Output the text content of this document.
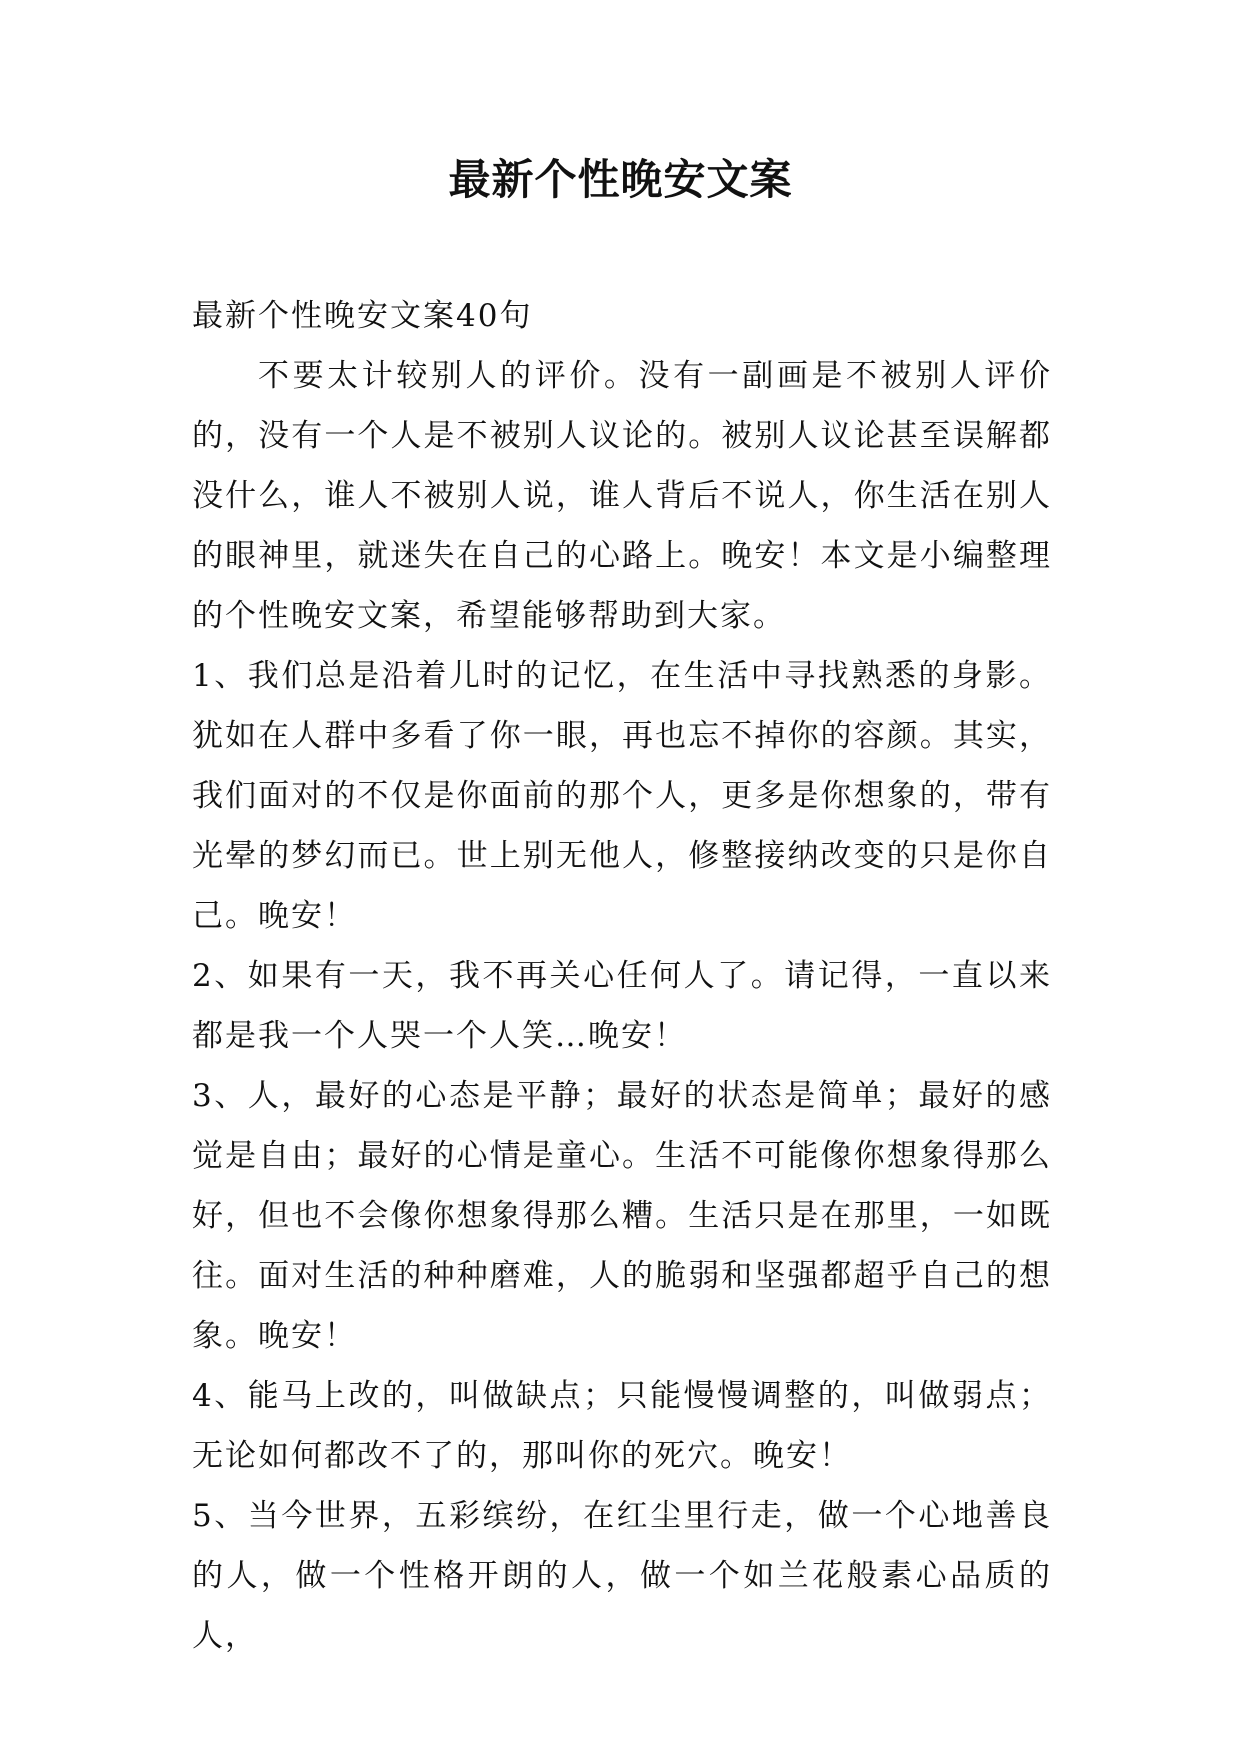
最新个性晚安文案

最新个性晚安文案40句

不要太计较别人的评价。没有一副画是不被别人评价的，没有一个人是不被别人议论的。被别人议论甚至误解都没什么，谁人不被别人说，谁人背后不说人，你生活在别人的眼神里，就迷失在自己的心路上。晚安！本文是小编整理的个性晚安文案，希望能够帮助到大家。

1、我们总是沿着儿时的记忆，在生活中寻找熟悉的身影。犹如在人群中多看了你一眼，再也忘不掉你的容颜。其实，我们面对的不仅是你面前的那个人，更多是你想象的，带有光晕的梦幻而已。世上别无他人，修整接纳改变的只是你自己。晚安！

2、如果有一天，我不再关心任何人了。请记得，一直以来都是我一个人哭一个人笑…晚安！

3、人，最好的心态是平静；最好的状态是简单；最好的感觉是自由；最好的心情是童心。生活不可能像你想象得那么好，但也不会像你想象得那么糟。生活只是在那里，一如既往。面对生活的种种磨难，人的脆弱和坚强都超乎自己的想象。晚安！

4、能马上改的，叫做缺点；只能慢慢调整的，叫做弱点；无论如何都改不了的，那叫你的死穴。晚安！

5、当今世界，五彩缤纷，在红尘里行走，做一个心地善良的人，做一个性格开朗的人，做一个如兰花般素心品质的人，
